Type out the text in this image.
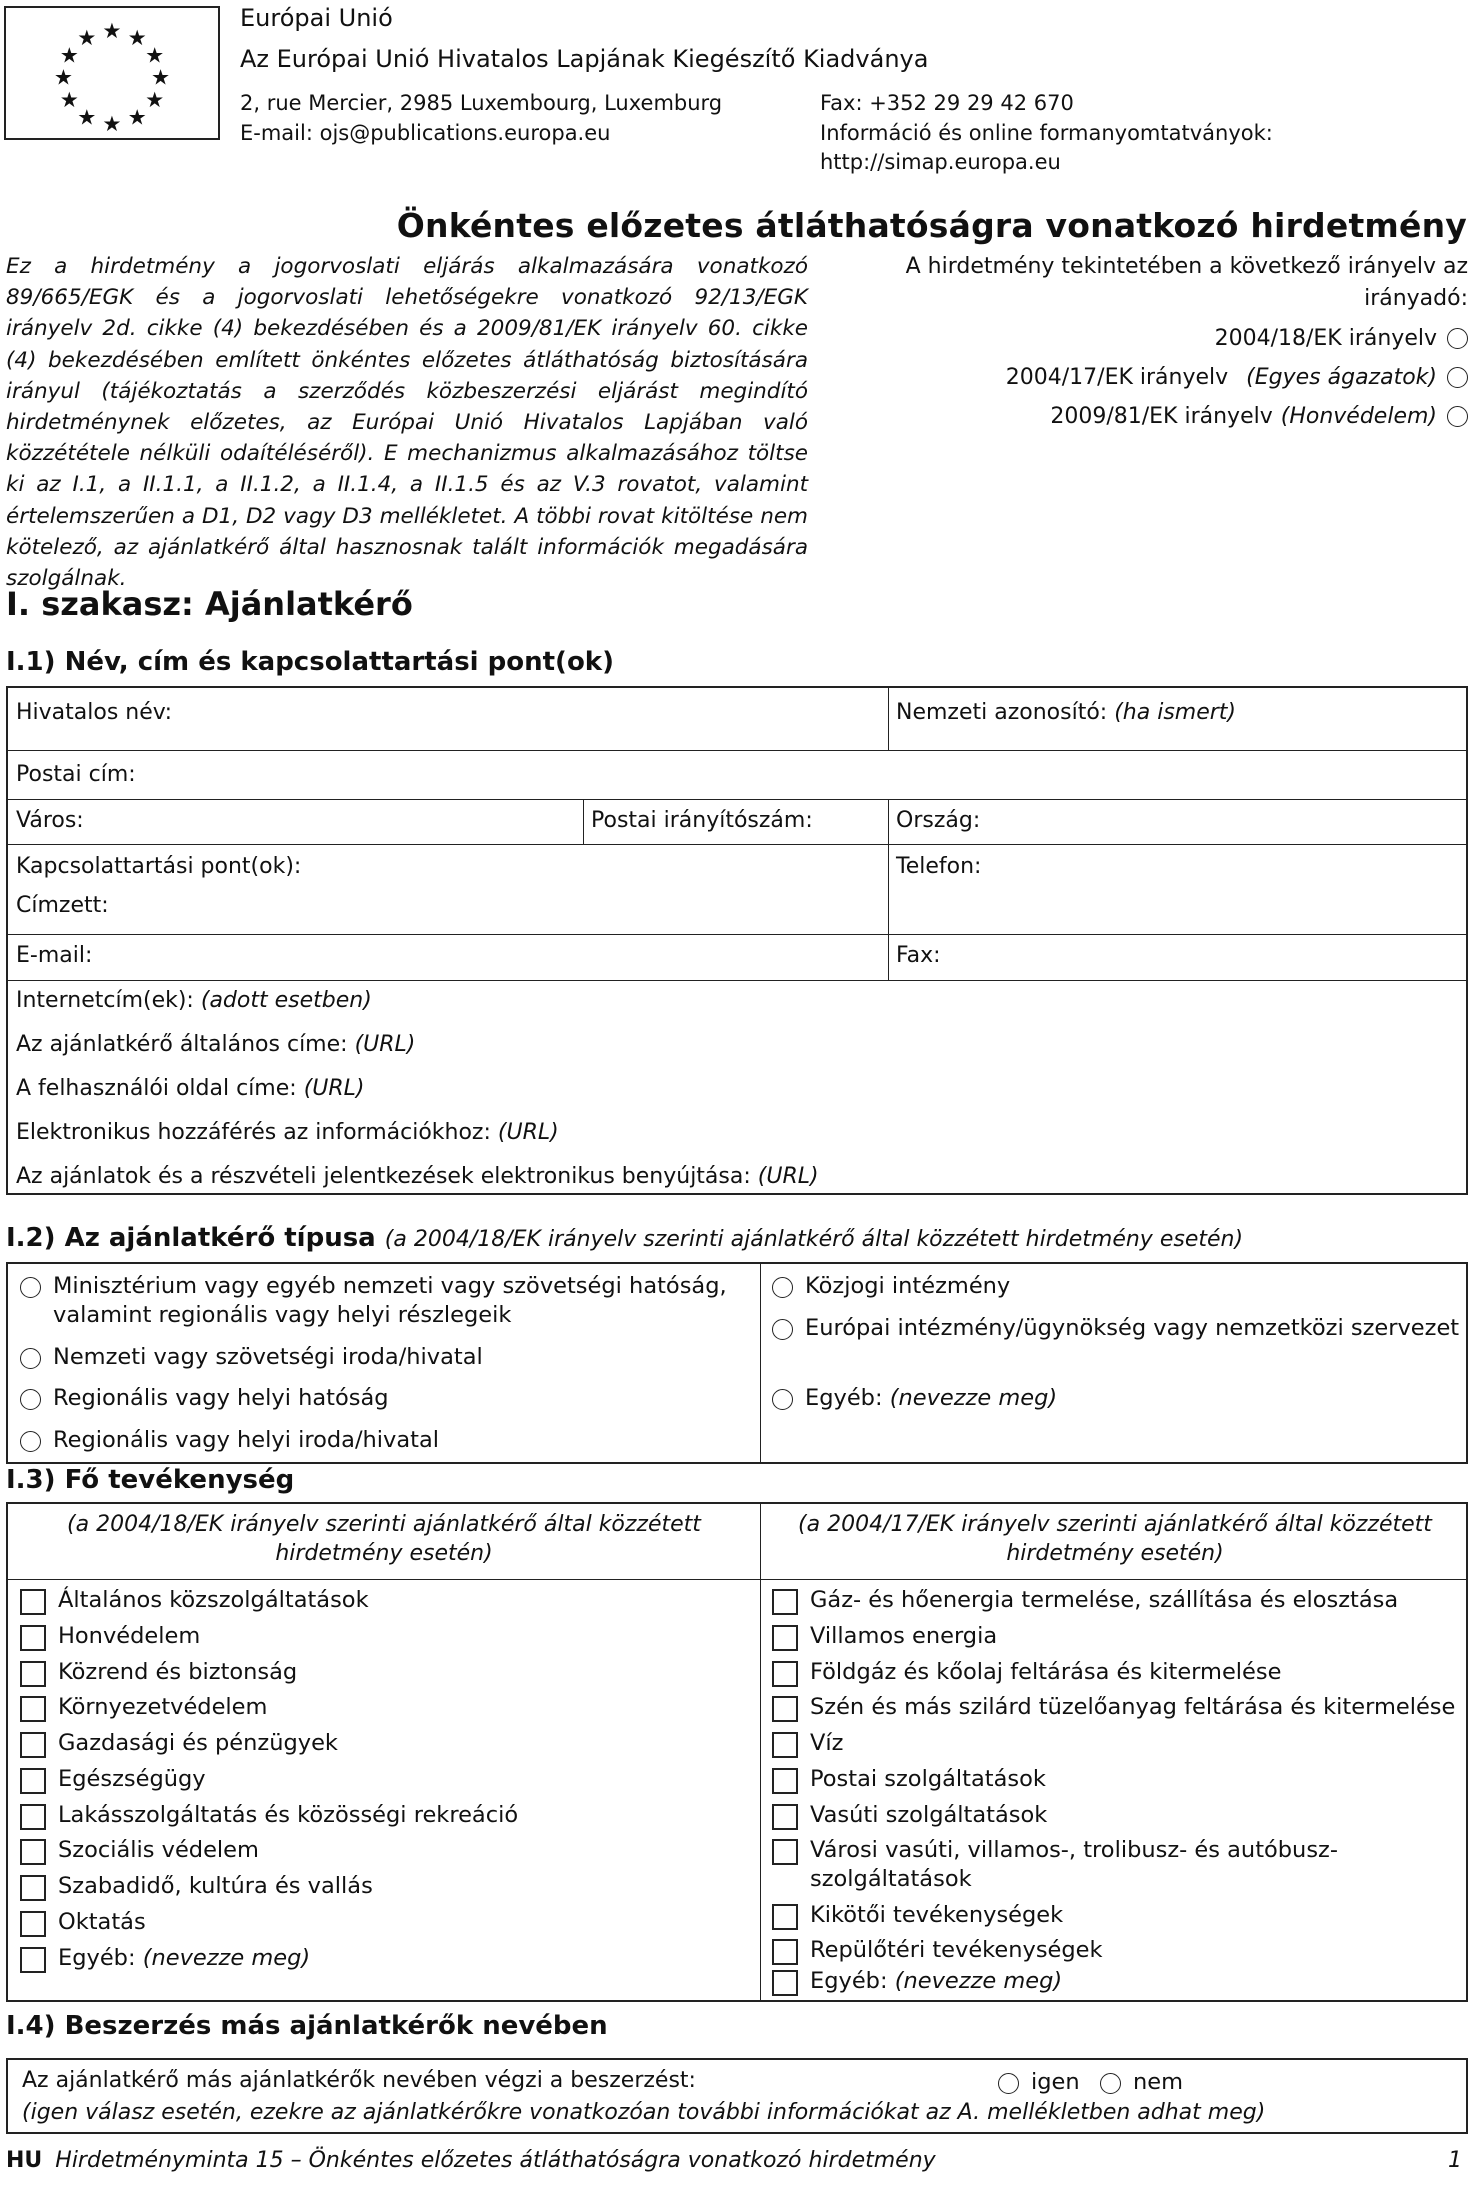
★ ★
★
★
★
★
★
★
★
★
★
★
Európai Unió
Az Európai Unió Hivatalos Lapjának Kiegészítő Kiadványa
2, rue Mercier, 2985 Luxembourg, Luxemburg
E-mail: ojs@publications.europa.eu
Fax: +352 29 29 42 670
Információ és online formanyomtatványok:
http://simap.europa.eu
Önkéntes előzetes átláthatóságra vonatkozó hirdetmény
Ez a hirdetmény a jogorvoslati eljárás alkalmazására vonatkozó 89/665/EGK és a jogorvoslati lehetőségekre vonatkozó 92/13/EGK irányelv 2d. cikke (4) bekezdésében és a 2009/81/EK irányelv 60. cikke (4) bekezdésében említett önkéntes előzetes átláthatóság biztosítására irányul (tájékoztatás a szerződés közbeszerzési eljárást megindító hirdetménynek előzetes, az Európai Unió Hivatalos Lapjában való közzététele nélküli odaítéléséről). E mechanizmus alkalmazásához töltse ki az I.1, a II.1.1, a II.1.2, a II.1.4, a II.1.5 és az V.3 rovatot, valamint értelemszerűen a D1, D2 vagy D3 mellékletet. A többi rovat kitöltése nem kötelező, az ajánlatkérő által hasznosnak talált információk megadására szolgálnak.
A hirdetmény tekintetében a következő irányelv az irányadó:
2004/18/EK irányelv
2004/17/EK irányelv (Egyes ágazatok)
2009/81/EK irányelv (Honvédelem)
I. szakasz: Ajánlatkérő
I.1) Név, cím és kapcsolattartási pont(ok)
Hivatalos név:	Nemzeti azonosító: (ha ismert)
Postai cím:
Város:	Postai irányítószám:	Ország:
Kapcsolattartási pont(ok):	Telefon:
Címzett:
E-mail:	Fax:
Internetcím(ek): (adott esetben)
Az ajánlatkérő általános címe: (URL)
A felhasználói oldal címe: (URL)
Elektronikus hozzáférés az információkhoz: (URL)
Az ajánlatok és a részvételi jelentkezések elektronikus benyújtása: (URL)
I.2) Az ajánlatkérő típusa (a 2004/18/EK irányelv szerinti ajánlatkérő által közzétett hirdetmény esetén)
Minisztérium vagy egyéb nemzeti vagy szövetségi hatóság, valamint regionális vagy helyi részlegeik
Nemzeti vagy szövetségi iroda/hivatal
Regionális vagy helyi hatóság
Regionális vagy helyi iroda/hivatal
Közjogi intézmény
Európai intézmény/ügynökség vagy nemzetközi szervezet
Egyéb: (nevezze meg)
I.3) Fő tevékenység
(a 2004/18/EK irányelv szerinti ajánlatkérő által közzétett hirdetmény esetén)
(a 2004/17/EK irányelv szerinti ajánlatkérő által közzétett hirdetmény esetén)
Általános közszolgáltatások
Honvédelem
Közrend és biztonság
Környezetvédelem
Gazdasági és pénzügyek
Egészségügy
Lakásszolgáltatás és közösségi rekreáció
Szociális védelem
Szabadidő, kultúra és vallás
Oktatás
Egyéb: (nevezze meg)
Gáz- és hőenergia termelése, szállítása és elosztása
Villamos energia
Földgáz és kőolaj feltárása és kitermelése
Szén és más szilárd tüzelőanyag feltárása és kitermelése
Víz
Postai szolgáltatások
Vasúti szolgáltatások
Városi vasúti, villamos-, trolibusz- és autóbusz-szolgáltatások
Kikötői tevékenységek
Repülőtéri tevékenységek
Egyéb: (nevezze meg)
I.4) Beszerzés más ajánlatkérők nevében
Az ajánlatkérő más ajánlatkérők nevében végzi a beszerzést:	igen nem
(igen válasz esetén, ezekre az ajánlatkérőkre vonatkozóan további információkat az A. mellékletben adhat meg)
HU Hirdetményminta 15 – Önkéntes előzetes átláthatóságra vonatkozó hirdetmény	1
